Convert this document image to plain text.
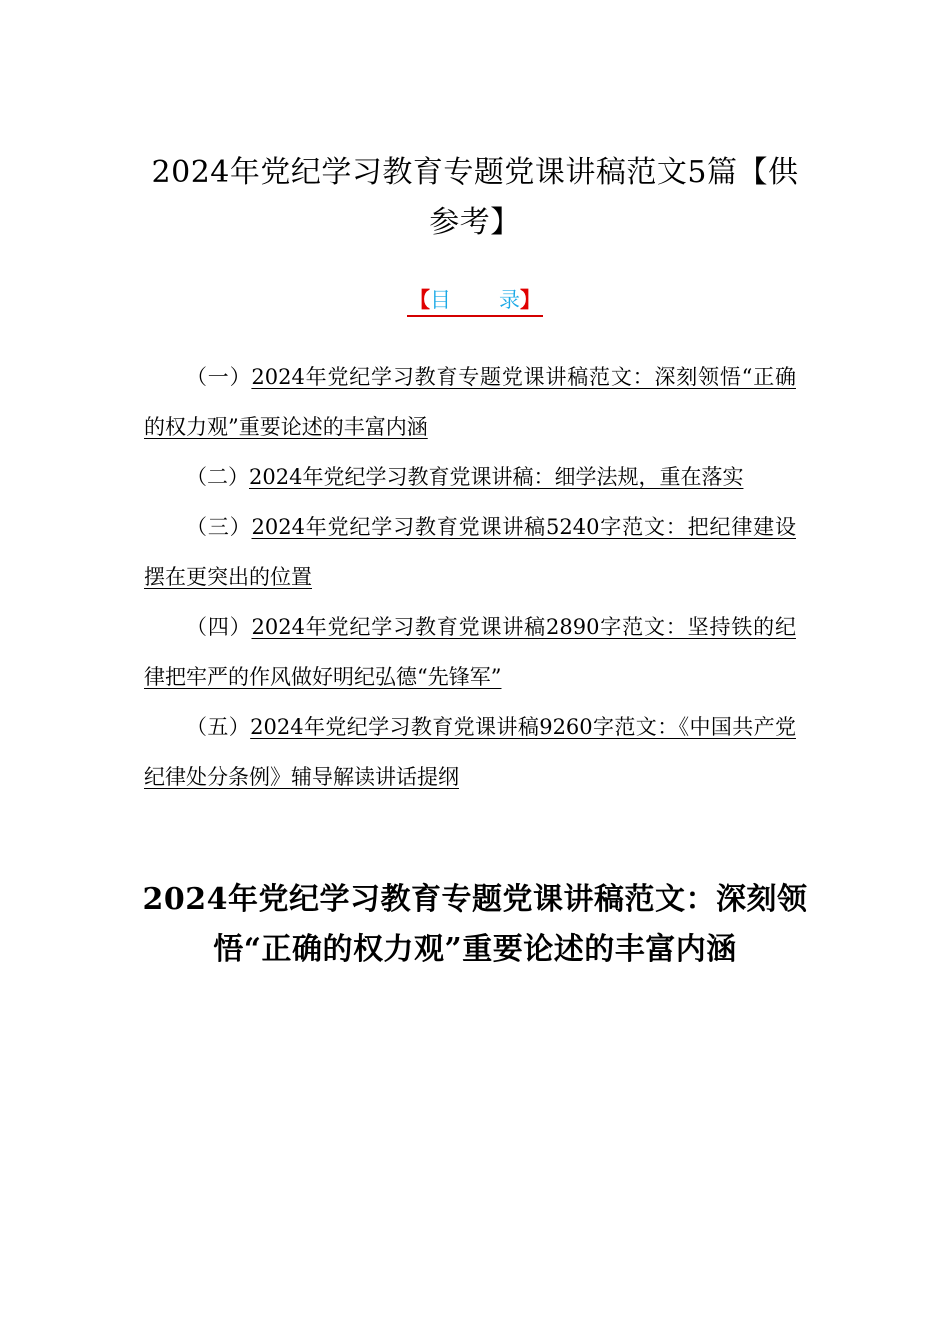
2024年党纪学习教育专题党课讲稿范文5篇【供参考】
【目 录】
（一）2024年党纪学习教育专题党课讲稿范文：深刻领悟“正确的权力观”重要论述的丰富内涵
（二）2024年党纪学习教育党课讲稿：细学法规，重在落实
（三）2024年党纪学习教育党课讲稿5240字范文：把纪律建设摆在更突出的位置
（四）2024年党纪学习教育党课讲稿2890字范文：坚持铁的纪律把牢严的作风做好明纪弘德“先锋军”
（五）2024年党纪学习教育党课讲稿9260字范文：《中国共产党纪律处分条例》辅导解读讲话提纲
2024年党纪学习教育专题党课讲稿范文：深刻领悟“正确的权力观”重要论述的丰富内涵
